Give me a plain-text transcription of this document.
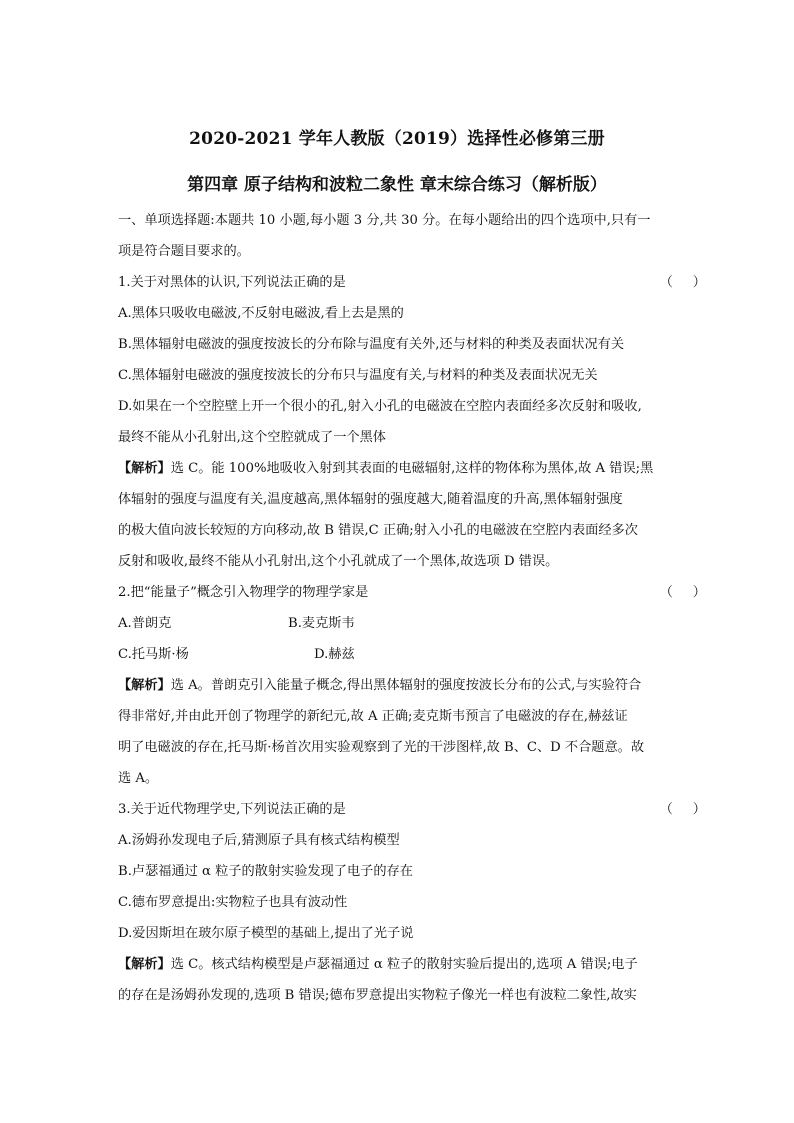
2020-2021 学年人教版（2019）选择性必修第三册
第四章 原子结构和波粒二象性 章末综合练习（解析版）
一、单项选择题:本题共 10 小题,每小题 3 分,共 30 分。在每小题给出的四个选项中,只有一
项是符合题目要求的。
1.关于对黑体的认识,下列说法正确的是	（）
A.黑体只吸收电磁波,不反射电磁波,看上去是黑的
B.黑体辐射电磁波的强度按波长的分布除与温度有关外,还与材料的种类及表面状况有关
C.黑体辐射电磁波的强度按波长的分布只与温度有关,与材料的种类及表面状况无关
D.如果在一个空腔壁上开一个很小的孔,射入小孔的电磁波在空腔内表面经多次反射和吸收,
最终不能从小孔射出,这个空腔就成了一个黑体
【解析】选 C。能 100%地吸收入射到其表面的电磁辐射,这样的物体称为黑体,故 A 错误;黑
体辐射的强度与温度有关,温度越高,黑体辐射的强度越大,随着温度的升高,黑体辐射强度
的极大值向波长较短的方向移动,故 B 错误,C 正确;射入小孔的电磁波在空腔内表面经多次
反射和吸收,最终不能从小孔射出,这个小孔就成了一个黑体,故选项 D 错误。
2.把“能量子”概念引入物理学的物理学家是	（）
A.普朗克	B.麦克斯韦
C.托马斯·杨	D.赫兹
【解析】选 A。普朗克引入能量子概念,得出黑体辐射的强度按波长分布的公式,与实验符合
得非常好,并由此开创了物理学的新纪元,故 A 正确;麦克斯韦预言了电磁波的存在,赫兹证
明了电磁波的存在,托马斯·杨首次用实验观察到了光的干涉图样,故 B、C、D 不合题意。故
选 A。
3.关于近代物理学史,下列说法正确的是	（）
A.汤姆孙发现电子后,猜测原子具有核式结构模型
B.卢瑟福通过 α 粒子的散射实验发现了电子的存在
C.德布罗意提出:实物粒子也具有波动性
D.爱因斯坦在玻尔原子模型的基础上,提出了光子说
【解析】选 C。核式结构模型是卢瑟福通过 α 粒子的散射实验后提出的,选项 A 错误;电子
的存在是汤姆孙发现的,选项 B 错误;德布罗意提出实物粒子像光一样也有波粒二象性,故实
